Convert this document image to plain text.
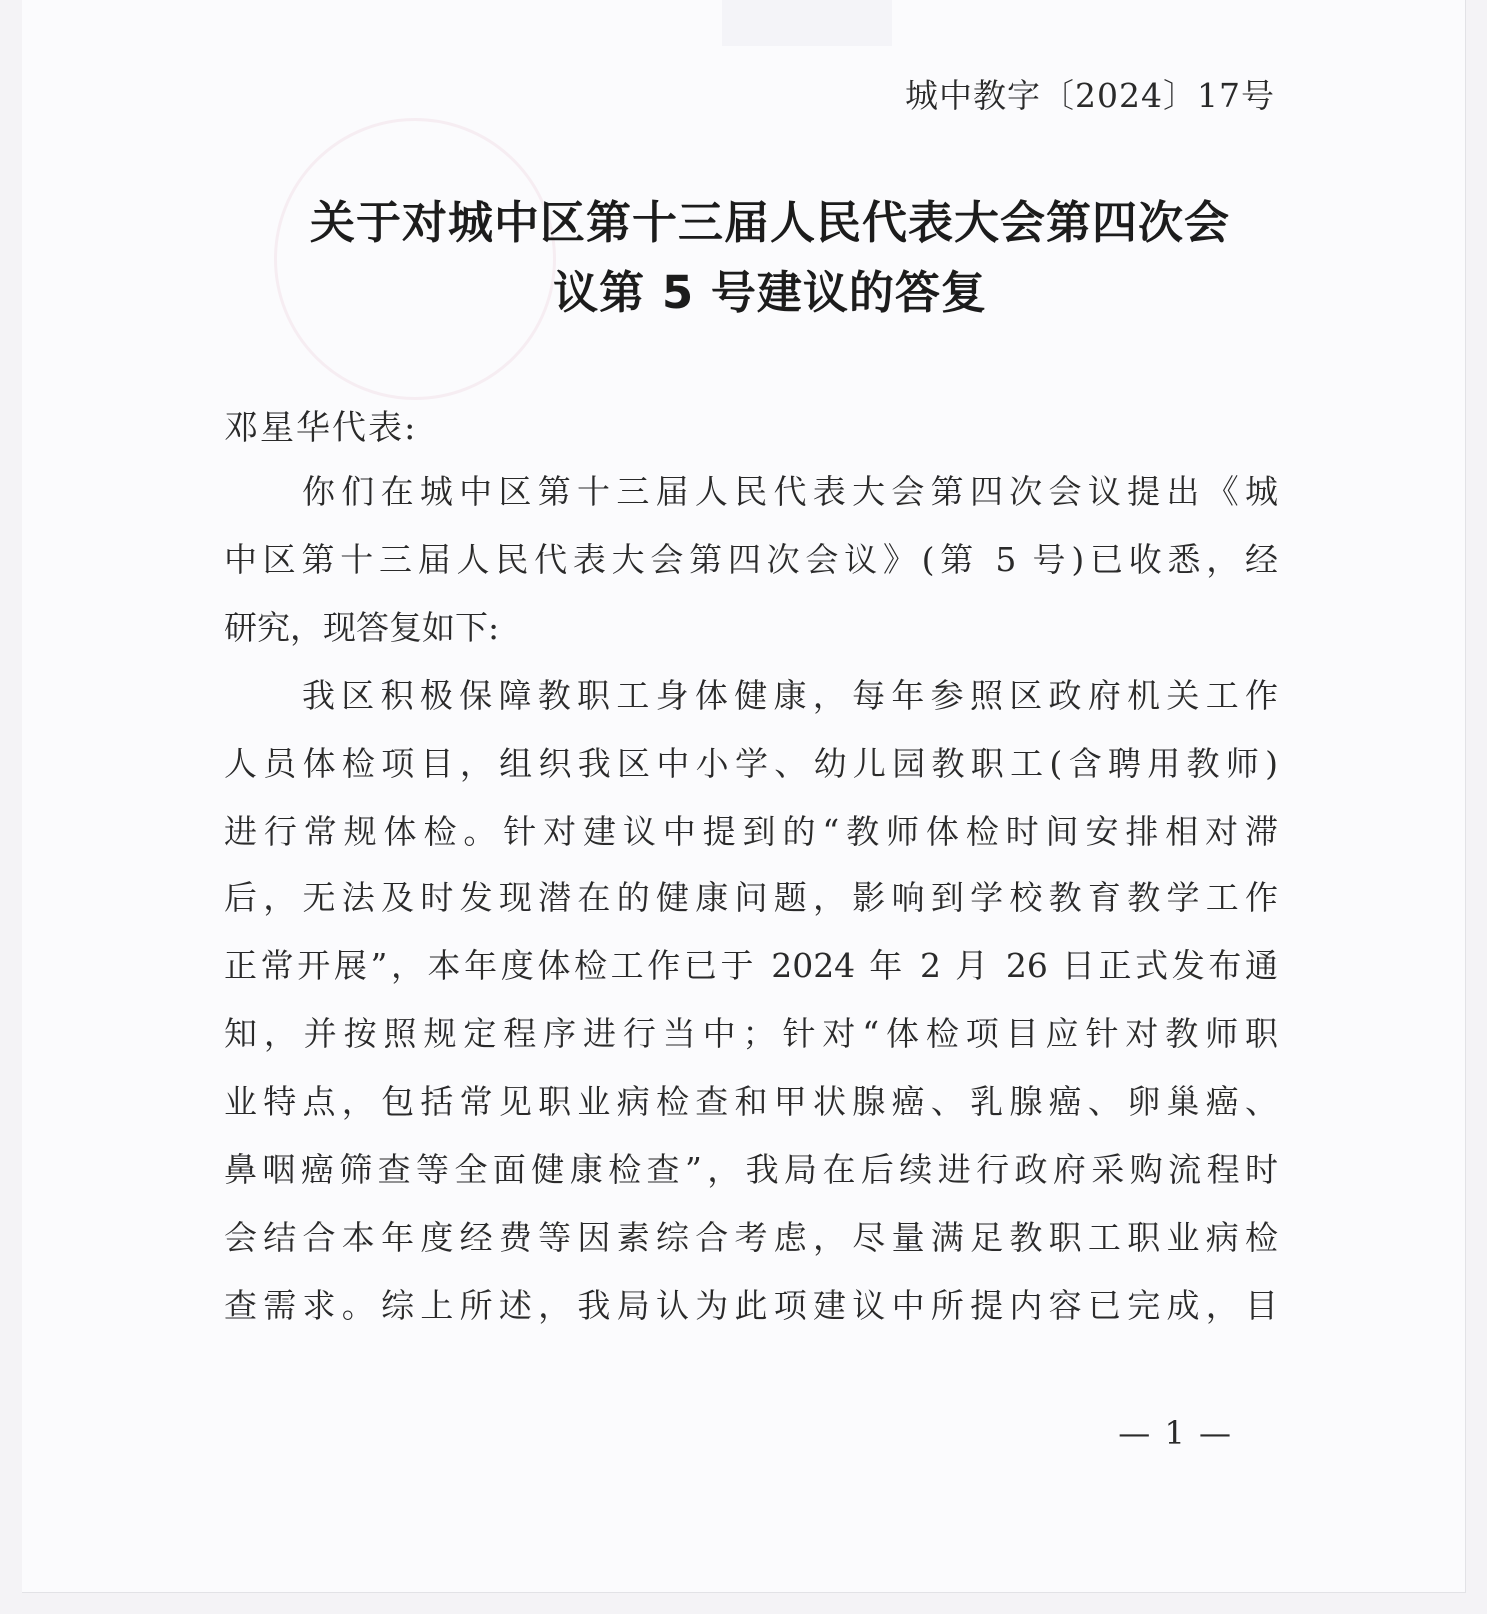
城中教字〔2024〕17号
关于对城中区第十三届人民代表大会第四次会
议第 5 号建议的答复
邓星华代表:
你们在城中区第十三届人民代表大会第四次会议提出《城
中区第十三届人民代表大会第四次会议》(第 5 号)已收悉，经
研究，现答复如下:
我区积极保障教职工身体健康，每年参照区政府机关工作
人员体检项目，组织我区中小学、幼儿园教职工(含聘用教师)
进行常规体检。针对建议中提到的“教师体检时间安排相对滞
后，无法及时发现潜在的健康问题，影响到学校教育教学工作
正常开展”，本年度体检工作已于 2024 年 2 月 26 日正式发布通
知，并按照规定程序进行当中；针对“体检项目应针对教师职
业特点，包括常见职业病检查和甲状腺癌、乳腺癌、卵巢癌、
鼻咽癌筛查等全面健康检查”，我局在后续进行政府采购流程时
会结合本年度经费等因素综合考虑，尽量满足教职工职业病检
查需求。综上所述，我局认为此项建议中所提内容已完成，目
— 1 —
